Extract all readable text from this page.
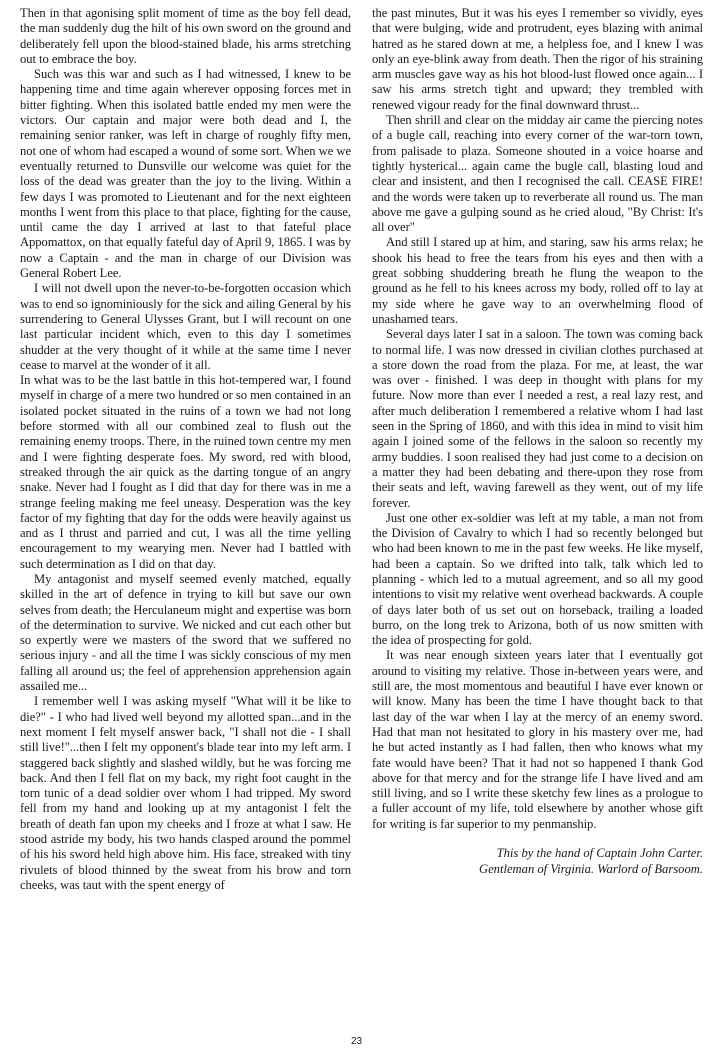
Then in that agonising split moment of time as the boy fell dead, the man suddenly dug the hilt of his own sword on the ground and deliberately fell upon the blood-stained blade, his arms stretching out to embrace the boy.

Such was this war and such as I had witnessed, I knew to be happening time and time again wherever opposing forces met in bitter fighting. When this isolated battle ended my men were the victors. Our captain and major were both dead and I, the remaining senior ranker, was left in charge of roughly fifty men, not one of whom had escaped a wound of some sort. When we we eventually returned to Dunsville our welcome was quiet for the loss of the dead was greater than the joy to the living. Within a few days I was promoted to Lieutenant and for the next eighteen months I went from this place to that place, fighting for the cause, until came the day I arrived at last to that fateful place Appomattox, on that equally fateful day of April 9, 1865. I was by now a Captain - and the man in charge of our Division was General Robert Lee.

I will not dwell upon the never-to-be-forgotten occasion which was to end so ignominiously for the sick and ailing General by his surrendering to General Ulysses Grant, but I will recount on one last particular incident which, even to this day I sometimes shudder at the very thought of it while at the same time I never cease to marvel at the wonder of it all.

In what was to be the last battle in this hot-tempered war, I found myself in charge of a mere two hundred or so men contained in an isolated pocket situated in the ruins of a town we had not long before stormed with all our combined zeal to flush out the remaining enemy troops. There, in the ruined town centre my men and I were fighting desperate foes. My sword, red with blood, streaked through the air quick as the darting tongue of an angry snake. Never had I fought as I did that day for there was in me a strange feeling making me feel uneasy. Desperation was the key factor of my fighting that day for the odds were heavily against us and as I thrust and parried and cut, I was all the time yelling encouragement to my wearying men. Never had I battled with such determination as I did on that day.

My antagonist and myself seemed evenly matched, equally skilled in the art of defence in trying to kill but save our own selves from death; the Herculaneum might and expertise was born of the determination to survive. We nicked and cut each other but so expertly were we masters of the sword that we suffered no serious injury - and all the time I was sickly conscious of my men falling all around us; the feel of apprehension apprehension again assailed me...

I remember well I was asking myself "What will it be like to die?" - I who had lived well beyond my allotted span...and in the next moment I felt myself answer back, "I shall not die - I shall still live!"...then I felt my opponent's blade tear into my left arm. I staggered back slightly and slashed wildly, but he was forcing me back. And then I fell flat on my back, my right foot caught in the torn tunic of a dead soldier over whom I had tripped. My sword fell from my hand and looking up at my antagonist I felt the breath of death fan upon my cheeks and I froze at what I saw. He stood astride my body, his two hands clasped around the pommel of his his sword held high above him. His face, streaked with tiny rivulets of blood thinned by the sweat from his brow and torn cheeks, was taut with the spent energy of

the past minutes, But it was his eyes I remember so vividly, eyes that were bulging, wide and protrudent, eyes blazing with animal hatred as he stared down at me, a helpless foe, and I knew I was only an eye-blink away from death. Then the rigor of his straining arm muscles gave way as his hot blood-lust flowed once again... I saw his arms stretch tight and upward; they trembled with renewed vigour ready for the final downward thrust...

Then shrill and clear on the midday air came the piercing notes of a bugle call, reaching into every corner of the war-torn town, from palisade to plaza. Someone shouted in a voice hoarse and tightly hysterical... again came the bugle call, blasting loud and clear and insistent, and then I recognised the call. CEASE FIRE! and the words were taken up to reverberate all round us. The man above me gave a gulping sound as he cried aloud, "By Christ: It's all over"

And still I stared up at him, and staring, saw his arms relax; he shook his head to free the tears from his eyes and then with a great sobbing shuddering breath he flung the weapon to the ground as he fell to his knees across my body, rolled off to lay at my side where he gave way to an overwhelming flood of unashamed tears.

Several days later I sat in a saloon. The town was coming back to normal life. I was now dressed in civilian clothes purchased at a store down the road from the plaza. For me, at least, the war was over - finished. I was deep in thought with plans for my future. Now more than ever I needed a rest, a real lazy rest, and after much deliberation I remembered a relative whom I had last seen in the Spring of 1860, and with this idea in mind to visit him again I joined some of the fellows in the saloon so recently my army buddies. I soon realised they had just come to a decision on a matter they had been debating and there-upon they rose from their seats and left, waving farewell as they went, out of my life forever.

Just one other ex-soldier was left at my table, a man not from the Division of Cavalry to which I had so recently belonged but who had been known to me in the past few weeks. He like myself, had been a captain. So we drifted into talk, talk which led to planning - which led to a mutual agreement, and so all my good intentions to visit my relative went overhead backwards. A couple of days later both of us set out on horseback, trailing a loaded burro, on the long trek to Arizona, both of us now smitten with the idea of prospecting for gold.

It was near enough sixteen years later that I eventually got around to visiting my relative. Those in-between years were, and still are, the most momentous and beautiful I have ever known or will know. Many has been the time I have thought back to that last day of the war when I lay at the mercy of an enemy sword. Had that man not hesitated to glory in his mastery over me, had he but acted instantly as I had fallen, then who knows what my fate would have been? That it had not so happened I thank God above for that mercy and for the strange life I have lived and am still living, and so I write these sketchy few lines as a prologue to a fuller account of my life, told elsewhere by another whose gift for writing is far superior to my penmanship.

This by the hand of Captain John Carter.
Gentleman of Virginia. Warlord of Barsoom.
23
